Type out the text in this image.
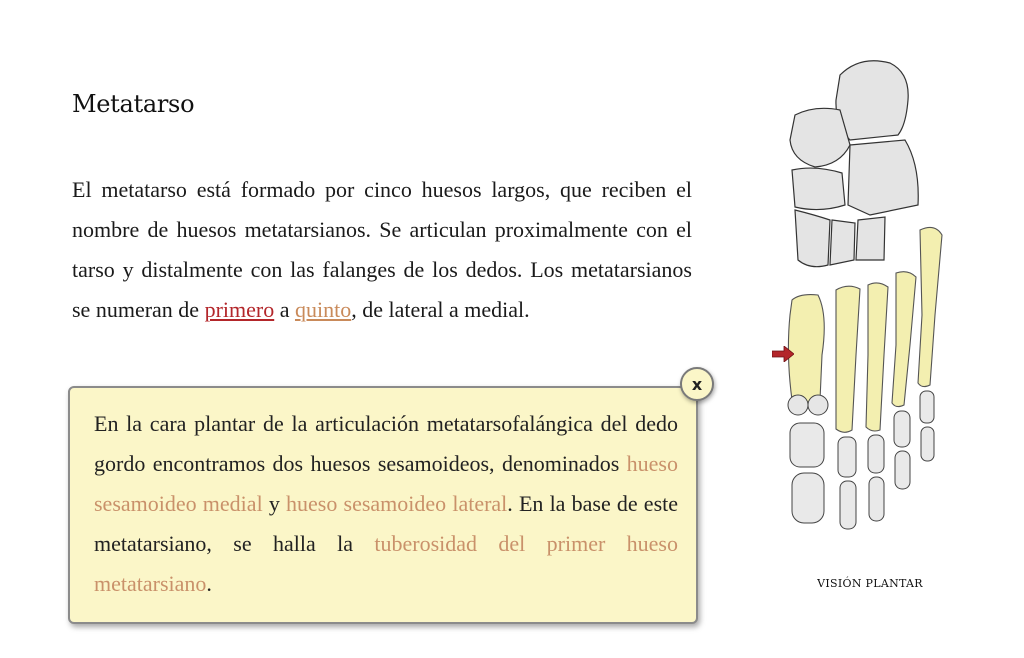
Metatarso
El metatarso está formado por cinco huesos largos, que reciben el nombre de huesos metatarsianos. Se articulan proximalmente con el tarso y distalmente con las falanges de los dedos. Los metatarsianos se numeran de primero a quinto, de lateral a medial.
En la cara plantar de la articulación metatarsofalángica del dedo gordo encontramos dos huesos sesamoideos, denominados hueso sesamoideo medial y hueso sesamoideo lateral. En la base de este metatarsiano, se halla la tuberosidad del primer hueso metatarsiano.
x
VISIÓN PLANTAR
